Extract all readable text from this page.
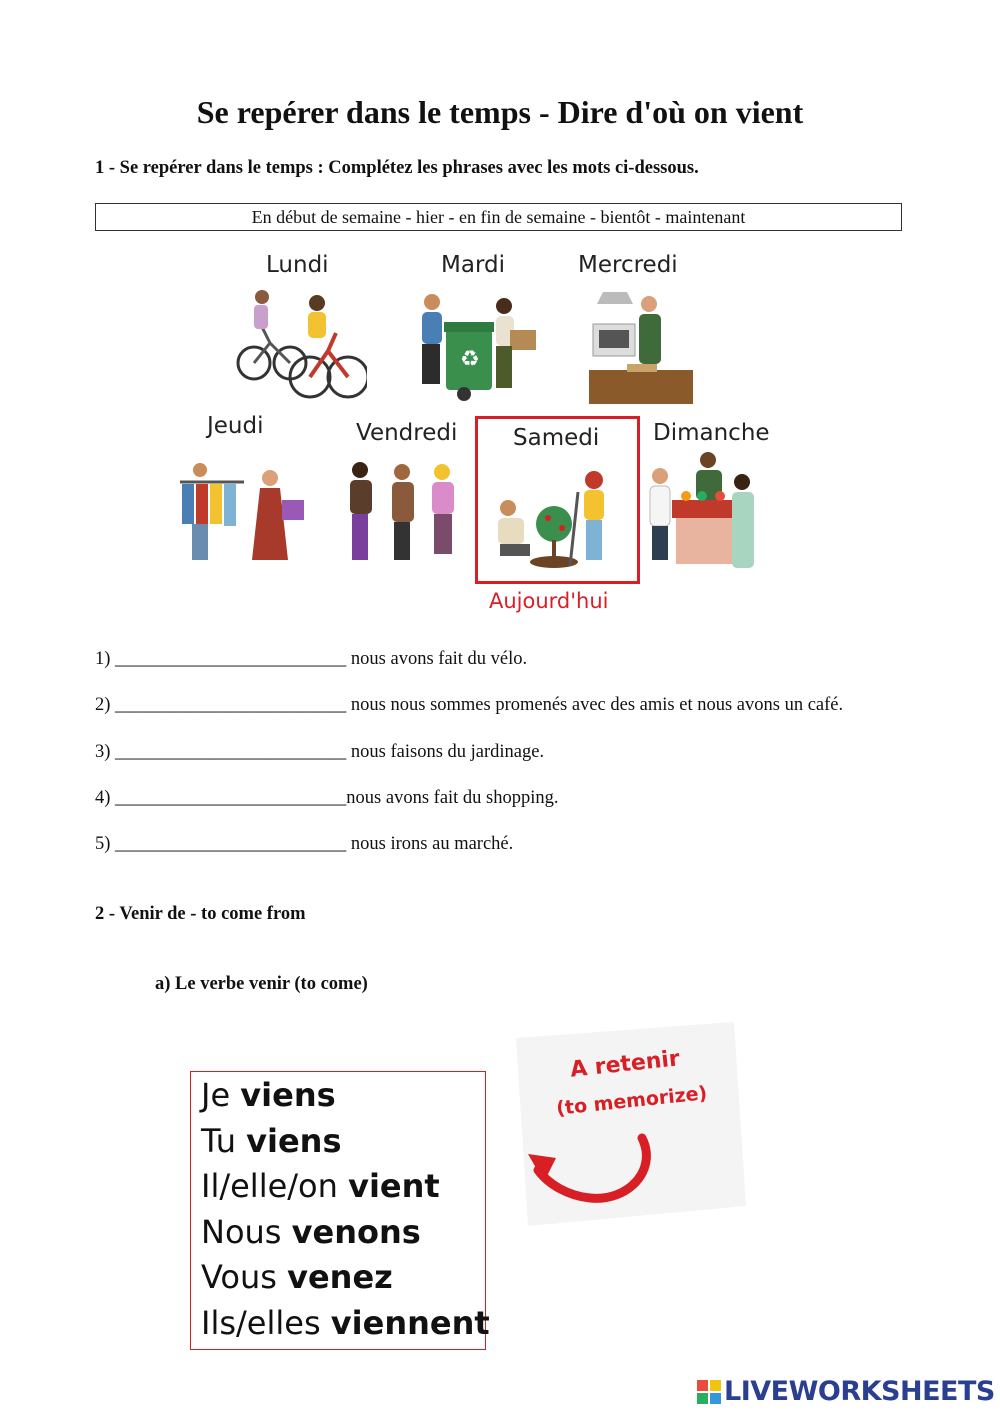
Se repérer dans le temps - Dire d'où on vient
1 - Se repérer dans le temps : Complétez les phrases avec les mots ci-dessous.
En début de semaine - hier - en fin de semaine - bientôt - maintenant
Lundi	Mardi	Mercredi
Jeudi	Vendredi Samedi Dimanche
♻
Aujourd'hui
1) _________________________ nous avons fait du vélo.
2) _________________________ nous nous sommes promenés avec des amis et nous avons un café.
3) _________________________ nous faisons du jardinage.
4) _________________________nous avons fait du shopping.
5) _________________________ nous irons au marché.
2 - Venir de - to come from
a) Le verbe venir (to come)
Je viens
Tu viens
Il/elle/on vient
Nous venons
Vous venez
Ils/elles viennent
A retenir
(to memorize)
LIVEWORKSHEETS
